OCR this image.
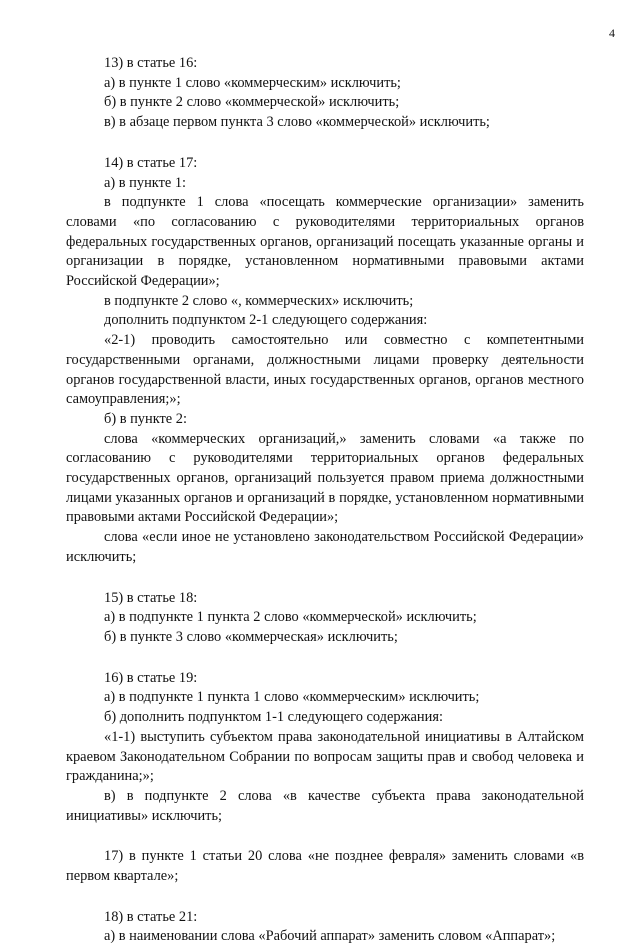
4

13) в статье 16:

а) в пункте 1 слово «коммерческим» исключить;

б) в пункте 2 слово «коммерческой» исключить;

в) в абзаце первом пункта 3 слово «коммерческой» исключить;

14) в статье 17:

а) в пункте 1:

в подпункте 1 слова «посещать коммерческие организации» заменить словами «по согласованию с руководителями территориальных органов федеральных государственных органов, организаций посещать указанные органы и организации в порядке, установленном нормативными правовыми актами Российской Федерации»;

в подпункте 2 слово «, коммерческих» исключить;

дополнить подпунктом 2-1 следующего содержания:

«2-1) проводить самостоятельно или совместно с компетентными государственными органами, должностными лицами проверку деятельности органов государственной власти, иных государственных органов, органов местного самоуправления;»;

б) в пункте 2:

слова «коммерческих организаций,» заменить словами «а также по согласованию с руководителями территориальных органов федеральных государственных органов, организаций пользуется правом приема должностными лицами указанных органов и организаций в порядке, установленном нормативными правовыми актами Российской Федерации»;

слова «если иное не установлено законодательством Российской Федерации» исключить;

15) в статье 18:

а) в подпункте 1 пункта 2 слово «коммерческой» исключить;

б) в пункте 3 слово «коммерческая» исключить;

16) в статье 19:

а) в подпункте 1 пункта 1 слово «коммерческим» исключить;

б) дополнить подпунктом 1-1 следующего содержания:

«1-1) выступить субъектом права законодательной инициативы в Алтайском краевом Законодательном Собрании по вопросам защиты прав и свобод человека и гражданина;»;

в) в подпункте 2 слова «в качестве субъекта права законодательной инициативы» исключить;

17) в пункте 1 статьи 20 слова «не позднее февраля» заменить словами «в первом квартале»;

18) в статье 21:

а) в наименовании слова «Рабочий аппарат» заменить словом «Аппарат»;
